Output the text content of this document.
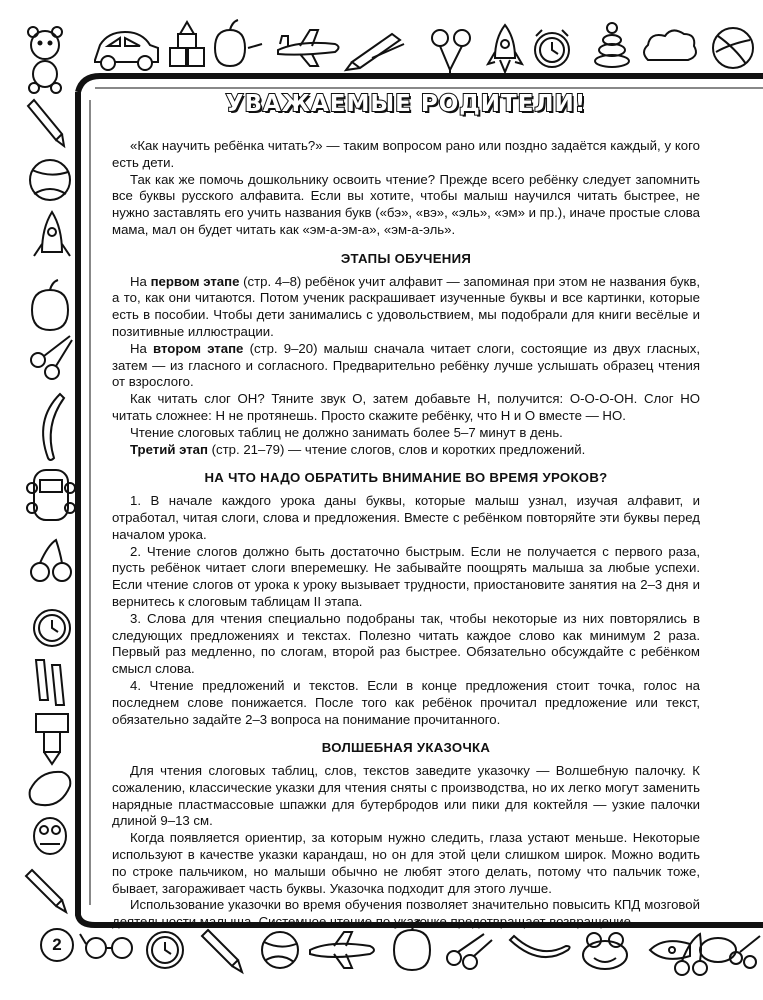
2
УВАЖАЕМЫЕ РОДИТЕЛИ!

«Как научить ребёнка читать?» — таким вопросом рано или поздно задаётся каждый, у кого есть дети.

Так как же помочь дошкольнику освоить чтение? Прежде всего ребёнку следует запомнить все буквы русского алфавита. Если вы хотите, чтобы малыш научился читать быстрее, не нужно заставлять его учить названия букв («бэ», «вэ», «эль», «эм» и пр.), иначе простые слова мама, мал он будет читать как «эм-а-эм-а», «эм-а-эль».

ЭТАПЫ ОБУЧЕНИЯ

На первом этапе (стр. 4–8) ребёнок учит алфавит — запоминая при этом не названия букв, а то, как они читаются. Потом ученик раскрашивает изученные буквы и все картинки, которые есть в пособии. Чтобы дети занимались с удовольствием, мы подобрали для книги весёлые и позитивные иллюстрации.

На втором этапе (стр. 9–20) малыш сначала читает слоги, состоящие из двух гласных, затем — из гласного и согласного. Предварительно ребёнку лучше услышать образец чтения от взрослого.

Как читать слог ОН? Тяните звук О, затем добавьте Н, получится: О-О-О-ОН. Слог НО читать сложнее: Н не протянешь. Просто скажите ребёнку, что Н и О вместе — НО.

Чтение слоговых таблиц не должно занимать более 5–7 минут в день.

Третий этап (стр. 21–79) — чтение слогов, слов и коротких предложений.

НА ЧТО НАДО ОБРАТИТЬ ВНИМАНИЕ ВО ВРЕМЯ УРОКОВ?

1. В начале каждого урока даны буквы, которые малыш узнал, изучая алфавит, и отработал, читая слоги, слова и предложения. Вместе с ребёнком повторяйте эти буквы перед началом урока.

2. Чтение слогов должно быть достаточно быстрым. Если не получается с первого раза, пусть ребёнок читает слоги вперемешку. Не забывайте поощрять малыша за любые успехи. Если чтение слогов от урока к уроку вызывает трудности, приостановите занятия на 2–3 дня и вернитесь к слоговым таблицам II этапа.

3. Слова для чтения специально подобраны так, чтобы некоторые из них повторялись в следующих предложениях и текстах. Полезно читать каждое слово как минимум 2 раза. Первый раз медленно, по слогам, второй раз быстрее. Обязательно обсуждайте с ребёнком смысл слова.

4. Чтение предложений и текстов. Если в конце предложения стоит точка, голос на последнем слове понижается. После того как ребёнок прочитал предложение или текст, обязательно задайте 2–3 вопроса на понимание прочитанного.

ВОЛШЕБНАЯ УКАЗОЧКА

Для чтения слоговых таблиц, слов, текстов заведите указочку — Волшебную палочку. К сожалению, классические указки для чтения сняты с производства, но их легко могут заменить нарядные пластмассовые шпажки для бутербродов или пики для коктейля — узкие палочки длиной 9–13 см.

Когда появляется ориентир, за которым нужно следить, глаза устают меньше. Некоторые используют в качестве указки карандаш, но он для этой цели слишком широк. Можно водить по строке пальчиком, но малыши обычно не любят этого делать, потому что пальчик тоже, бывает, загораживает часть буквы. Указочка подходит для этого лучше.

Использование указочки во время обучения позволяет значительно повысить КПД мозговой деятельности малыша. Системное чтение по указочке предотвращает возвращение
